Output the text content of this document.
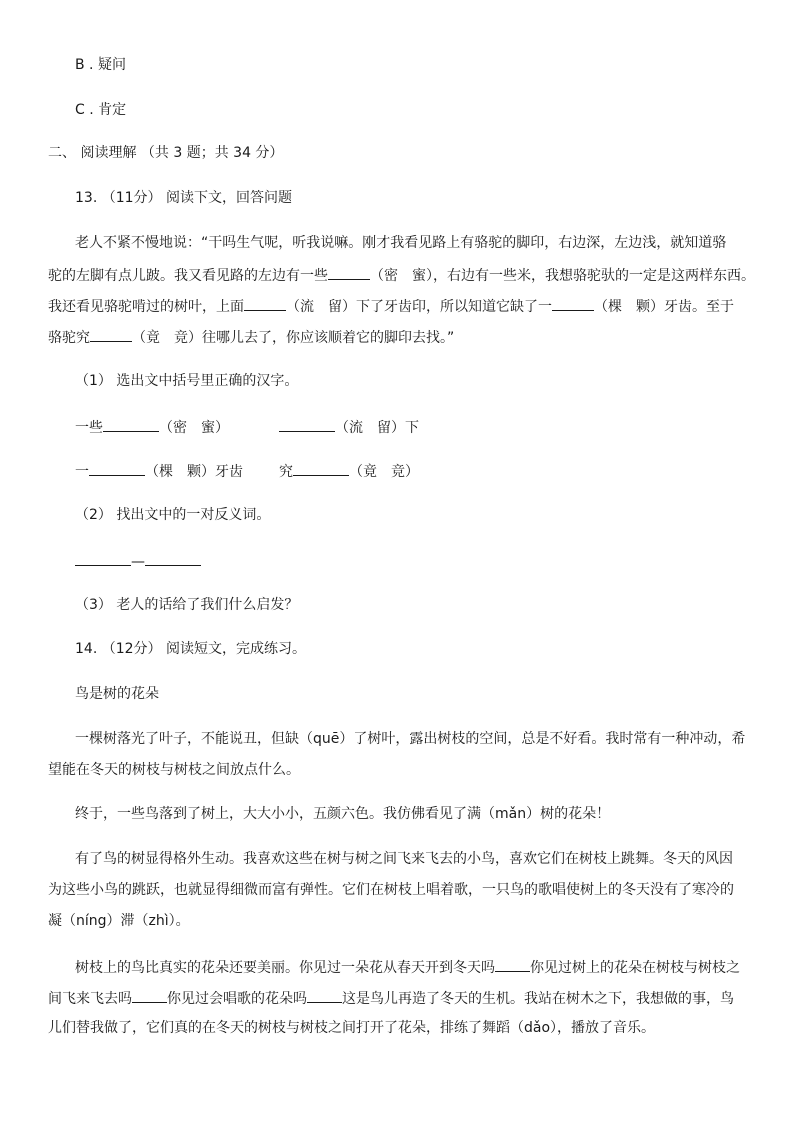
B . 疑问
C . 肯定
二、 阅读理解 （共 3 题；共 34 分）
13. （11分） 阅读下文，回答问题
老人不紧不慢地说：“干吗生气呢，听我说嘛。刚才我看见路上有骆驼的脚印，右边深，左边浅，就知道骆
驼的左脚有点儿跛。我又看见路的左边有一些	（密　蜜），右边有一些米，我想骆驼驮的一定是这两样东西。
我还看见骆驼啃过的树叶，上面	（流　留）下了牙齿印，所以知道它缺了一	（棵　颗）牙齿。至于
骆驼究	（竟　竞）往哪儿去了，你应该顺着它的脚印去找。”
（1） 选出文中括号里正确的汉字。
一些	（密　蜜）	（流　留）下
一	（棵　颗）牙齿	究	（竟　竞）
（2） 找出文中的一对反义词。
—
（3） 老人的话给了我们什么启发？
14. （12分） 阅读短文，完成练习。
鸟是树的花朵
一棵树落光了叶子，不能说丑，但缺（quē）了树叶，露出树枝的空间，总是不好看。我时常有一种冲动，希
望能在冬天的树枝与树枝之间放点什么。
终于，一些鸟落到了树上，大大小小，五颜六色。我仿佛看见了满（mǎn）树的花朵！
有了鸟的树显得格外生动。我喜欢这些在树与树之间飞来飞去的小鸟，喜欢它们在树枝上跳舞。冬天的风因
为这些小鸟的跳跃，也就显得细微而富有弹性。它们在树枝上唱着歌，一只鸟的歌唱使树上的冬天没有了寒冷的
凝（níng）滞（zhì）。
树枝上的鸟比真实的花朵还要美丽。你见过一朵花从春天开到冬天吗	你见过树上的花朵在树枝与树枝之
间飞来飞去吗	你见过会唱歌的花朵吗	这是鸟儿再造了冬天的生机。我站在树木之下，我想做的事，鸟
儿们替我做了，它们真的在冬天的树枝与树枝之间打开了花朵，排练了舞蹈（dǎo），播放了音乐。
